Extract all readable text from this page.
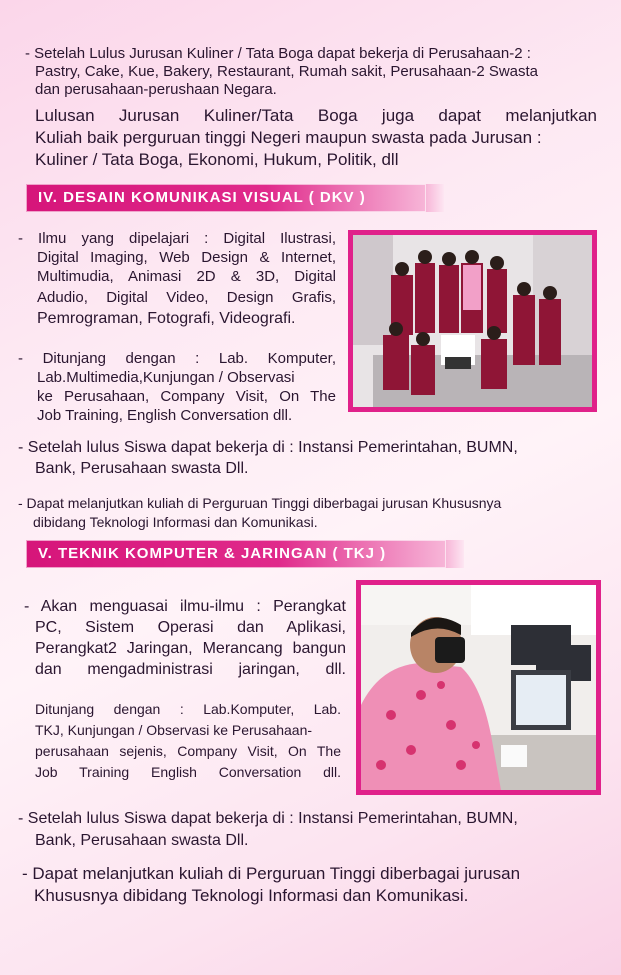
- Setelah Lulus Jurusan Kuliner / Tata Boga dapat bekerja di Perusahaan-2 :
Pastry, Cake, Kue, Bakery, Restaurant, Rumah sakit, Perusahaan-2 Swasta
dan perusahaan-perushaan Negara.
Lulusan Jurusan Kuliner/Tata Boga juga dapat melanjutkan
Kuliah baik perguruan tinggi Negeri maupun swasta pada Jurusan :
Kuliner / Tata Boga, Ekonomi, Hukum, Politik, dll
IV. DESAIN KOMUNIKASI VISUAL ( DKV )
- Ilmu yang dipelajari : Digital Ilustrasi,
Digital Imaging, Web Design & Internet,
Multimudia, Animasi 2D & 3D, Digital
Adudio, Digital Video, Design Grafis,
Pemrograman, Fotografi, Videografi.
- Ditunjang dengan : Lab. Komputer,
Lab.Multimedia,Kunjungan / Observasi
ke Perusahaan, Company Visit, On The
Job Training, English Conversation dll.
- Setelah lulus Siswa dapat bekerja di : Instansi Pemerintahan, BUMN,
Bank, Perusahaan swasta Dll.
- Dapat melanjutkan kuliah di Perguruan Tinggi diberbagai jurusan Khususnya
dibidang Teknologi Informasi dan Komunikasi.
V. TEKNIK KOMPUTER & JARINGAN ( TKJ )
- Akan menguasai ilmu-ilmu : Perangkat
PC, Sistem Operasi dan Aplikasi,
Perangkat2 Jaringan, Merancang bangun
dan mengadministrasi jaringan, dll.
Ditunjang dengan : Lab.Komputer, Lab.
TKJ, Kunjungan / Observasi ke Perusahaan-
perusahaan sejenis, Company Visit, On The
Job Training English Conversation dll.
- Setelah lulus Siswa dapat bekerja di : Instansi Pemerintahan, BUMN,
Bank, Perusahaan swasta Dll.
- Dapat melanjutkan kuliah di Perguruan Tinggi diberbagai jurusan
Khususnya dibidang Teknologi Informasi dan Komunikasi.
